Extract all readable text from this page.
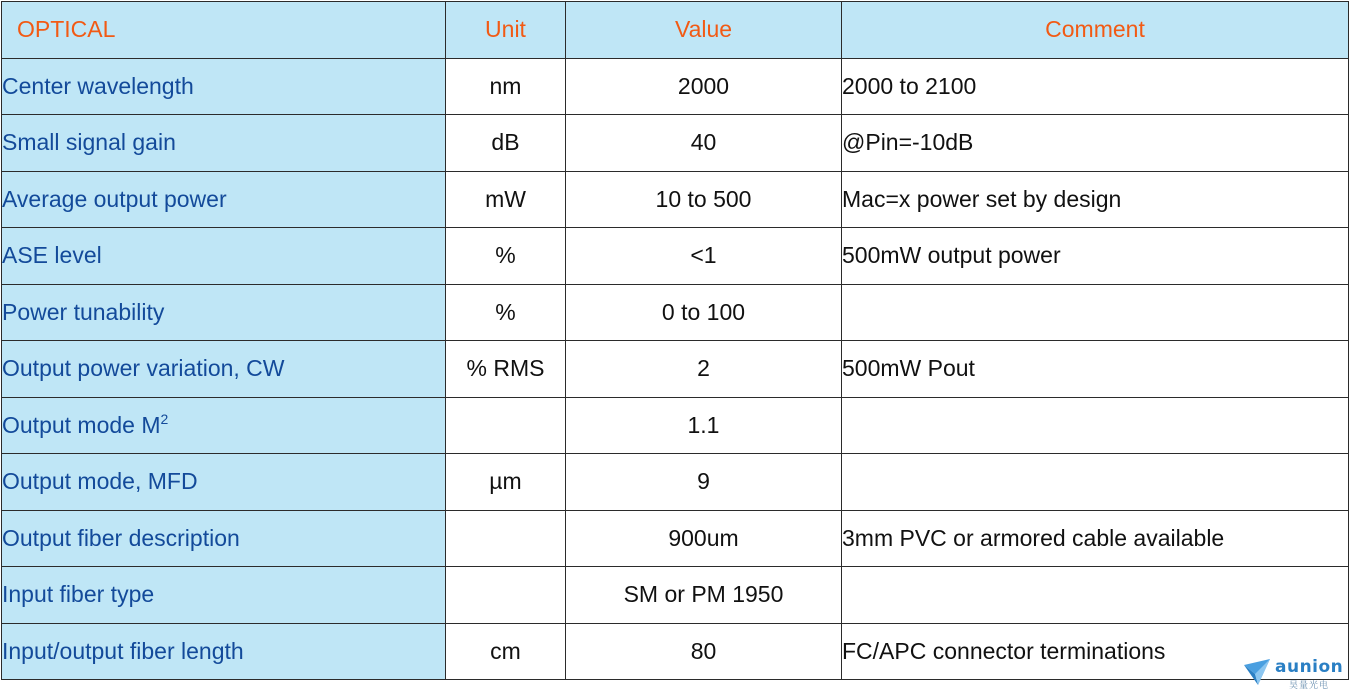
OPTICAL	Unit	Value	Comment
Center wavelength	nm	2000	2000 to 2100
Small signal gain	dB	40	@Pin=-10dB
Average output power	mW	10 to 500	Mac=x power set by design
ASE level	%	<1	500mW output power
Power tunability	%	0 to 100	
Output power variation, CW	% RMS	2	500mW Pout
Output mode $M^2$		1.1	
Output mode, MFD	µm	9	
Output fiber description		900um	3mm PVC or armored cable available
Input fiber type		SM or PM 1950	
Input/output fiber length	cm	80	FC/APC connector terminations
aunion
昊量光电
